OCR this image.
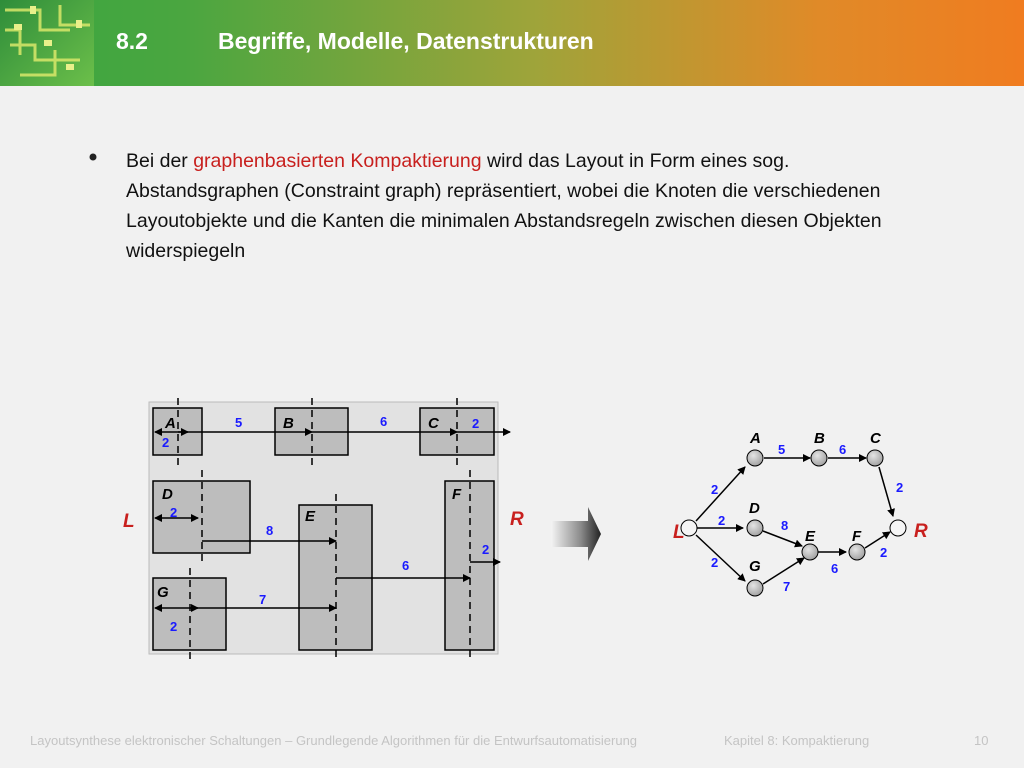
8.2	Begriffe, Modelle, Datenstrukturen
Bei der graphenbasierten Kompaktierung wird das Layout in Form eines sog. Abstandsgraphen (Constraint graph) repräsentiert, wobei die Knoten die verschiedenen Layoutobjekte und die Kanten die minimalen Abstandsregeln zwischen diesen Objekten widerspiegeln
A	B	C
D
E
F
G
2
5	6	2
2
8
6
2
2
7
L	R
A	B	C
D
E F
G
L	R
2
2
2
5	6
2
8
7
6
2
Layoutsynthese elektronischer Schaltungen – Grundlegende Algorithmen für die Entwurfsautomatisierung	Kapitel 8: Kompaktierung	10
